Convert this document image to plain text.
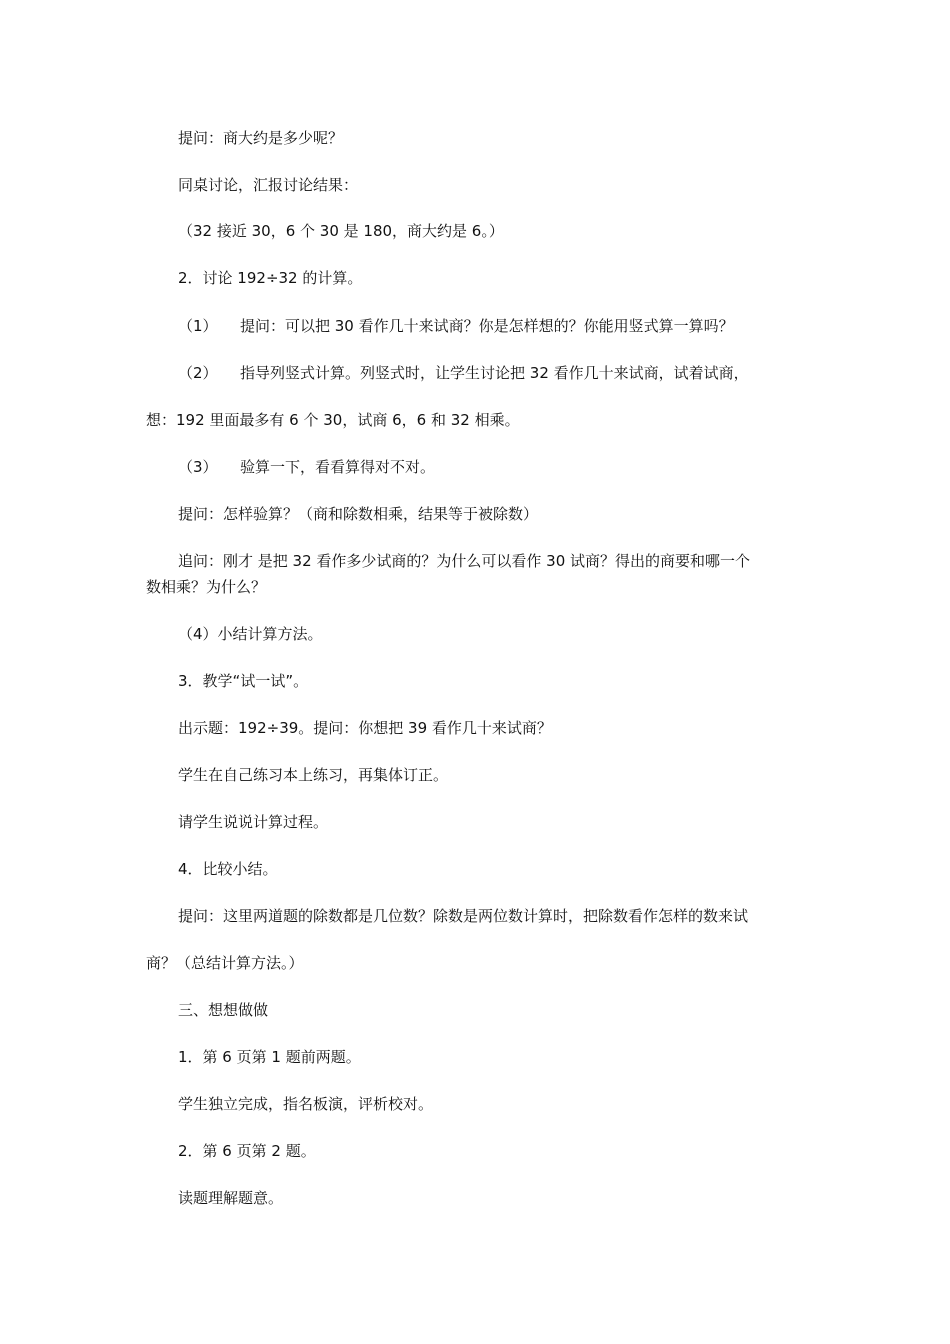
提问：商大约是多少呢？
同桌讨论，汇报讨论结果：
（32 接近 30，6 个 30 是 180，商大约是 6。）
2．讨论 192÷32 的计算。
（1） 提问：可以把 30 看作几十来试商？你是怎样想的？你能用竖式算一算吗？
（2） 指导列竖式计算。列竖式时，让学生讨论把 32 看作几十来试商，试着试商，
想：192 里面最多有 6 个 30，试商 6，6 和 32 相乘。
（3） 验算一下，看看算得对不对。
提问：怎样验算？（商和除数相乘，结果等于被除数）
追问：刚才 是把 32 看作多少试商的？为什么可以看作 30 试商？得出的商要和哪一个
数相乘？为什么？
（4）小结计算方法。
3．教学“试一试”。
出示题：192÷39。提问：你想把 39 看作几十来试商？
学生在自己练习本上练习，再集体订正。
请学生说说计算过程。
4．比较小结。
提问：这里两道题的除数都是几位数？除数是两位数计算时，把除数看作怎样的数来试
商？（总结计算方法。）
三、想想做做
1．第 6 页第 1 题前两题。
学生独立完成，指名板演，评析校对。
2．第 6 页第 2 题。
读题理解题意。
